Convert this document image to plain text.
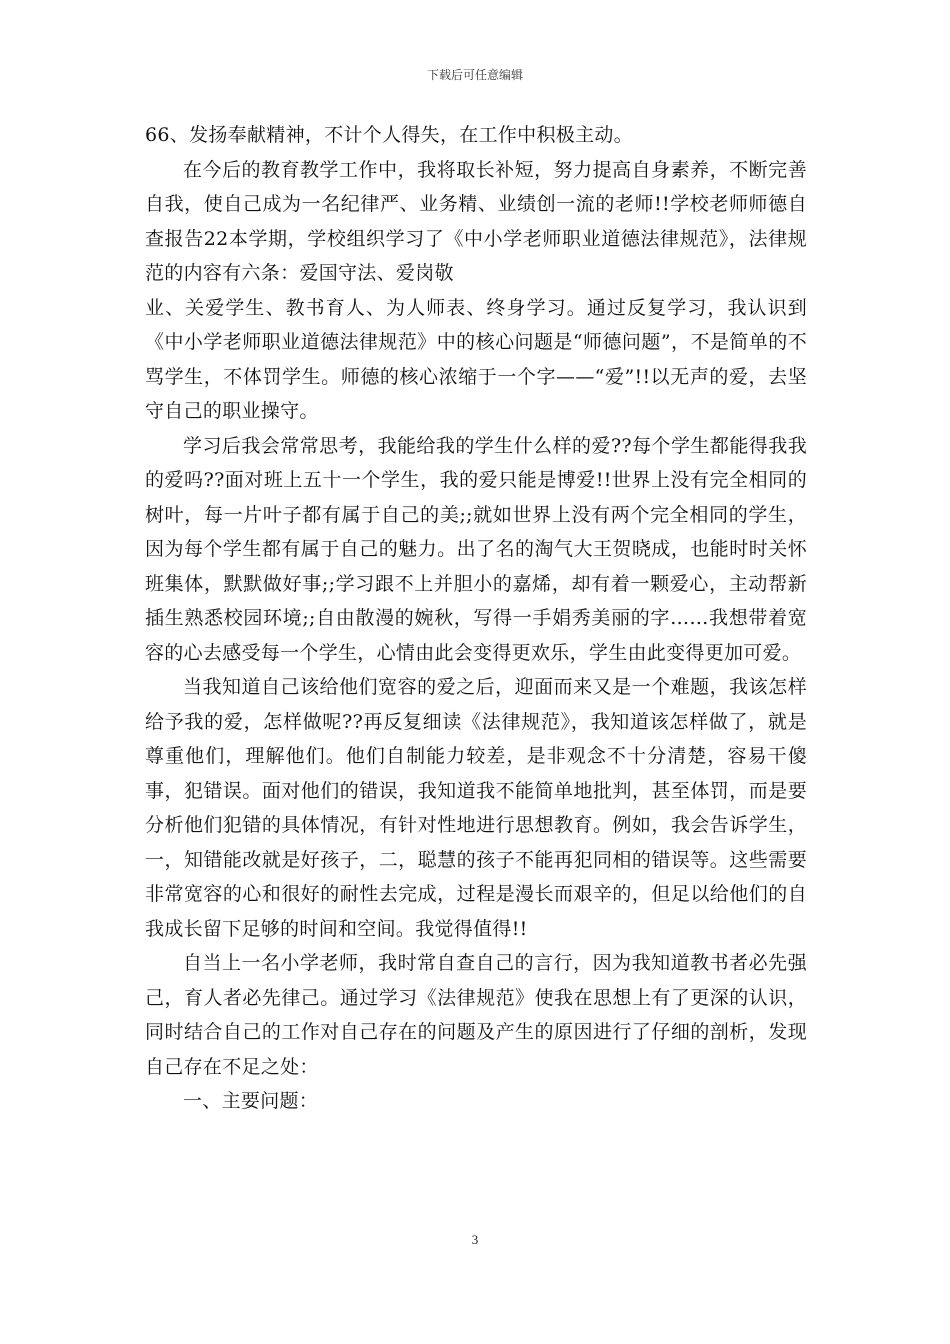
下载后可任意编辑

66、发扬奉献精神，不计个人得失，在工作中积极主动。

在今后的教育教学工作中，我将取长补短，努力提高自身素养，不断完善自我，使自己成为一名纪律严、业务精、业绩创一流的老师!!学校老师师德自查报告22本学期，学校组织学习了《中小学老师职业道德法律规范》，法律规范的内容有六条：爱国守法、爱岗敬

业、关爱学生、教书育人、为人师表、终身学习。通过反复学习，我认识到《中小学老师职业道德法律规范》中的核心问题是“师德问题”，不是简单的不骂学生，不体罚学生。师德的核心浓缩于一个字——“爱”!!以无声的爱，去坚守自己的职业操守。

学习后我会常常思考，我能给我的学生什么样的爱??每个学生都能得我我的爱吗??面对班上五十一个学生，我的爱只能是博爱!!世界上没有完全相同的树叶，每一片叶子都有属于自己的美;;就如世界上没有两个完全相同的学生，因为每个学生都有属于自己的魅力。出了名的淘气大王贺晓成，也能时时关怀班集体，默默做好事;;学习跟不上并胆小的嘉烯，却有着一颗爱心，主动帮新插生熟悉校园环境;;自由散漫的婉秋，写得一手娟秀美丽的字……我想带着宽容的心去感受每一个学生，心情由此会变得更欢乐，学生由此变得更加可爱。

当我知道自己该给他们宽容的爱之后，迎面而来又是一个难题，我该怎样给予我的爱，怎样做呢??再反复细读《法律规范》，我知道该怎样做了，就是尊重他们，理解他们。他们自制能力较差，是非观念不十分清楚，容易干傻事，犯错误。面对他们的错误，我知道我不能简单地批判，甚至体罚，而是要分析他们犯错的具体情况，有针对性地进行思想教育。例如，我会告诉学生，一，知错能改就是好孩子，二，聪慧的孩子不能再犯同相的错误等。这些需要非常宽容的心和很好的耐性去完成，过程是漫长而艰辛的，但足以给他们的自我成长留下足够的时间和空间。我觉得值得!!

自当上一名小学老师，我时常自查自己的言行，因为我知道教书者必先强己，育人者必先律己。通过学习《法律规范》使我在思想上有了更深的认识，同时结合自己的工作对自己存在的问题及产生的原因进行了仔细的剖析，发现自己存在不足之处：

一、主要问题：

3
